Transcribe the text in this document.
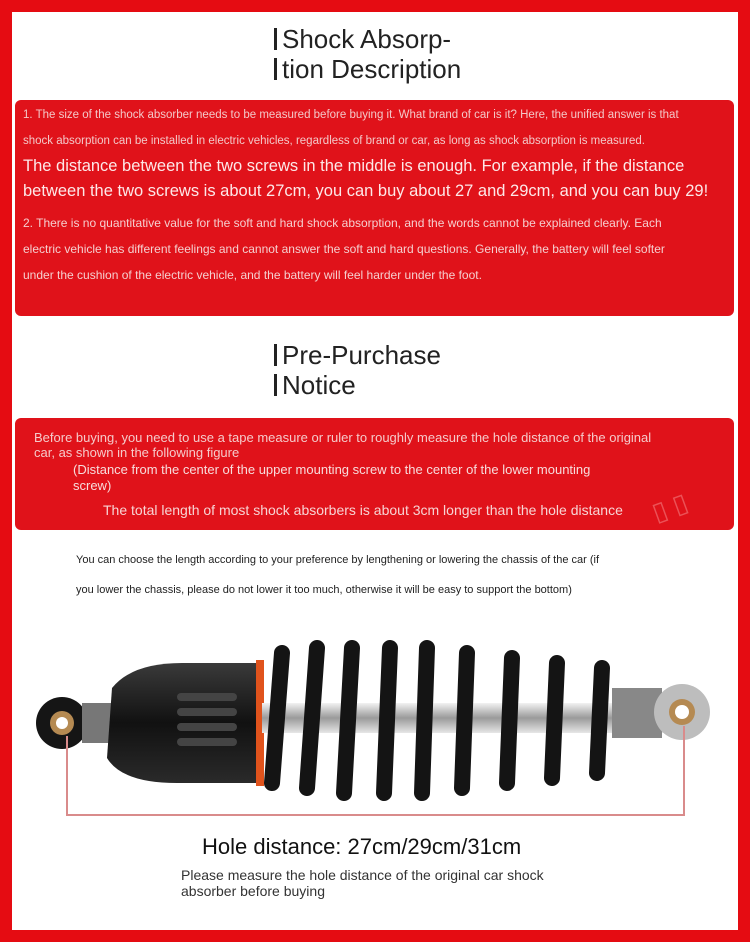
Shock Absorp-
tion Description
1. The size of the shock absorber needs to be measured before buying it. What brand of car is it? Here, the unified answer is that
shock absorption can be installed in electric vehicles, regardless of brand or car, as long as shock absorption is measured.
The distance between the two screws in the middle is enough. For example, if the distance
between the two screws is about 27cm, you can buy about 27 and 29cm, and you can buy 29!
2. There is no quantitative value for the soft and hard shock absorption, and the words cannot be explained clearly. Each
electric vehicle has different feelings and cannot answer the soft and hard questions. Generally, the battery will feel softer
under the cushion of the electric vehicle, and the battery will feel harder under the foot.
Pre-Purchase
Notice
Before buying, you need to use a tape measure or ruler to roughly measure the hole distance of the original
car, as shown in the following figure
(Distance from the center of the upper mounting screw to the center of the lower mounting
screw)
The total length of most shock absorbers is about 3cm longer than the hole distance ▯ ▯
You can choose the length according to your preference by lengthening or lowering the chassis of the car (if
you lower the chassis, please do not lower it too much, otherwise it will be easy to support the bottom)
Hole distance: 27cm/29cm/31cm
Please measure the hole distance of the original car shock
absorber before buying
